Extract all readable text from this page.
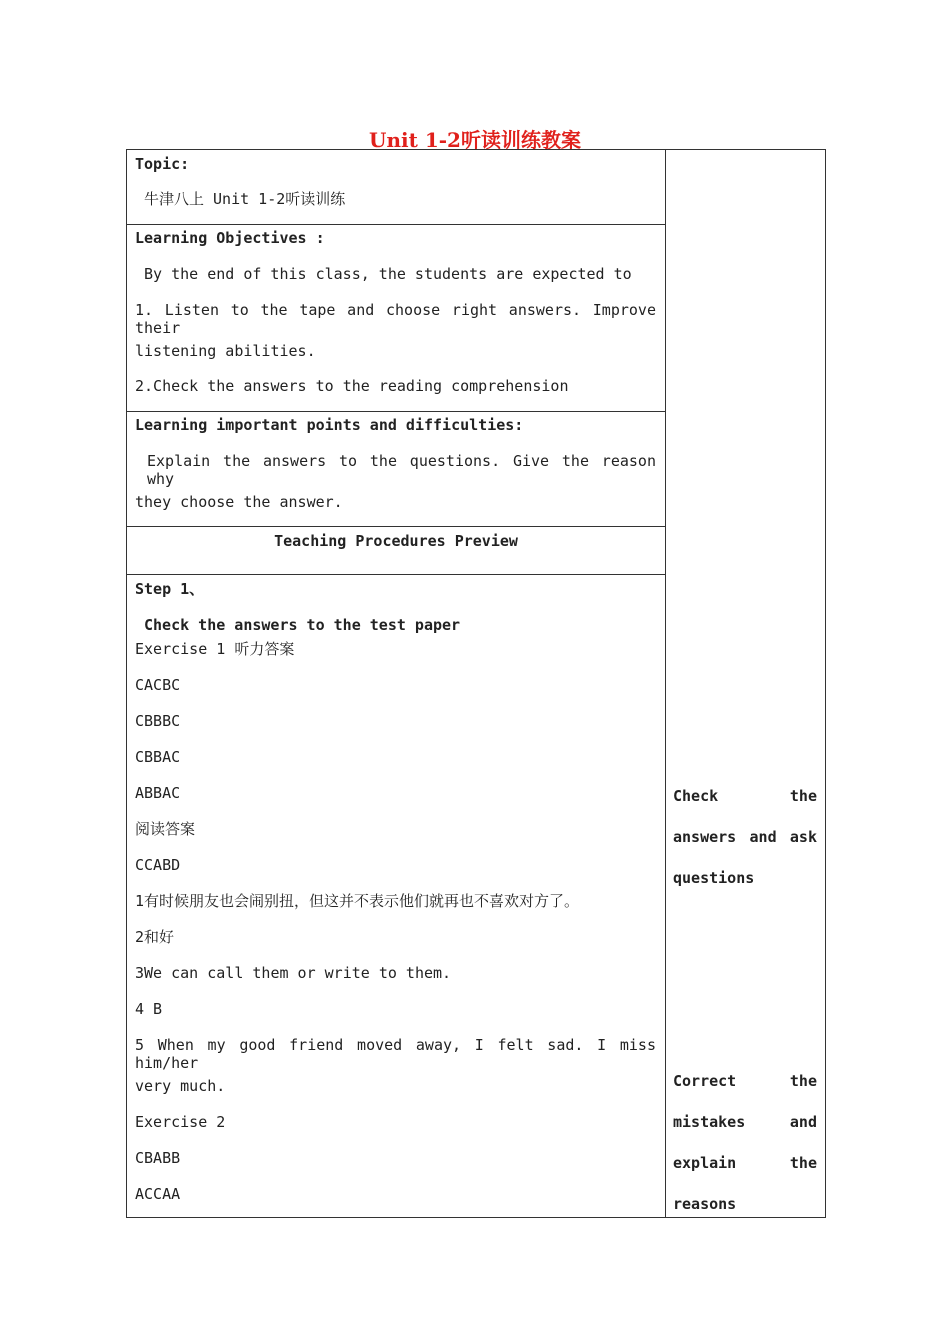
Unit 1-2听读训练教案
Topic:
牛津八上 Unit 1-2听读训练
Learning Objectives :
By the end of this class, the students are expected to
1. Listen to the tape and choose right answers. Improve their
listening abilities.
2.Check the answers to the reading comprehension
Learning important points and difficulties:
Explain the answers to the questions. Give the reason why
they choose the answer.
Teaching Procedures Preview
Step 1、
Check the answers to the test paper
Exercise 1 听力答案
CACBC
CBBBC
CBBAC
ABBAC
阅读答案
CCABD
1有时候朋友也会闹别扭，但这并不表示他们就再也不喜欢对方了。
2和好
3We can call them or write to them.
4 B
5 When my good friend moved away, I felt sad. I miss him/her
very much.
Exercise 2
CBABB
ACCAA
Check the
answers and ask
questions
Correct the
mistakes and
explain the
reasons
